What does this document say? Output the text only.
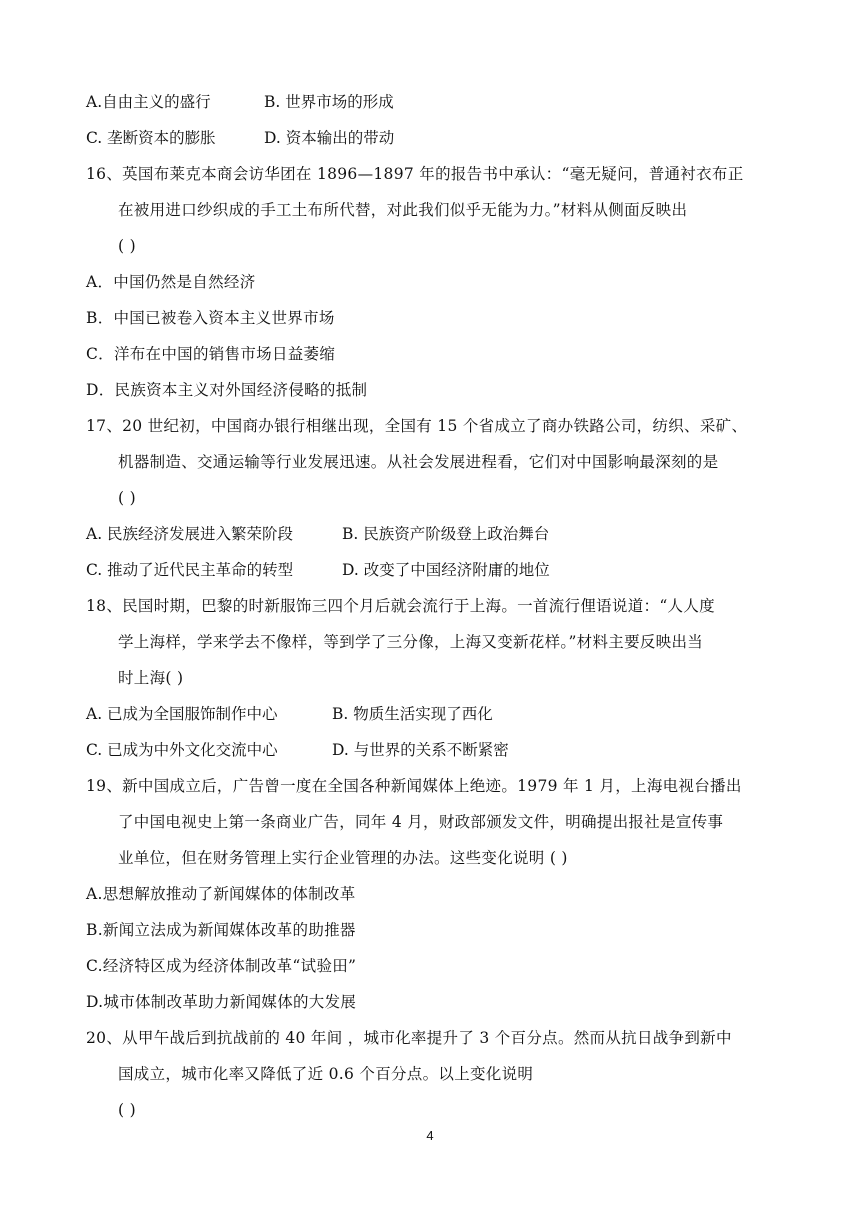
A.自由主义的盛行	B. 世界市场的形成
C. 垄断资本的膨胀	D. 资本输出的带动
16、英国布莱克本商会访华团在 1896—1897 年的报告书中承认：“毫无疑问，普通衬衣布正
在被用进口纱织成的手工土布所代替，对此我们似乎无能为力。”材料从侧面反映出
( )
A．中国仍然是自然经济
B．中国已被卷入资本主义世界市场
C．洋布在中国的销售市场日益萎缩
D．民族资本主义对外国经济侵略的抵制
17、20 世纪初，中国商办银行相继出现，全国有 15 个省成立了商办铁路公司，纺织、采矿、
机器制造、交通运输等行业发展迅速。从社会发展进程看，它们对中国影响最深刻的是
( )
A. 民族经济发展进入繁荣阶段	B. 民族资产阶级登上政治舞台
C. 推动了近代民主革命的转型	D. 改变了中国经济附庸的地位
18、民国时期，巴黎的时新服饰三四个月后就会流行于上海。一首流行俚语说道：“人人度
学上海样，学来学去不像样，等到学了三分像，上海又变新花样。”材料主要反映出当
时上海( )
A. 已成为全国服饰制作中心	B. 物质生活实现了西化
C. 已成为中外文化交流中心	D. 与世界的关系不断紧密
19、新中国成立后，广告曾一度在全国各种新闻媒体上绝迹。1979 年 1 月，上海电视台播出
了中国电视史上第一条商业广告，同年 4 月，财政部颁发文件，明确提出报社是宣传事
业单位，但在财务管理上实行企业管理的办法。这些变化说明 ( )
A.思想解放推动了新闻媒体的体制改革
B.新闻立法成为新闻媒体改革的助推器
C.经济特区成为经济体制改革“试验田”
D.城市体制改革助力新闻媒体的大发展
20、从甲午战后到抗战前的 40 年间 ，城市化率提升了 3 个百分点。然而从抗日战争到新中
国成立，城市化率又降低了近 0.6 个百分点。以上变化说明
( )
4
